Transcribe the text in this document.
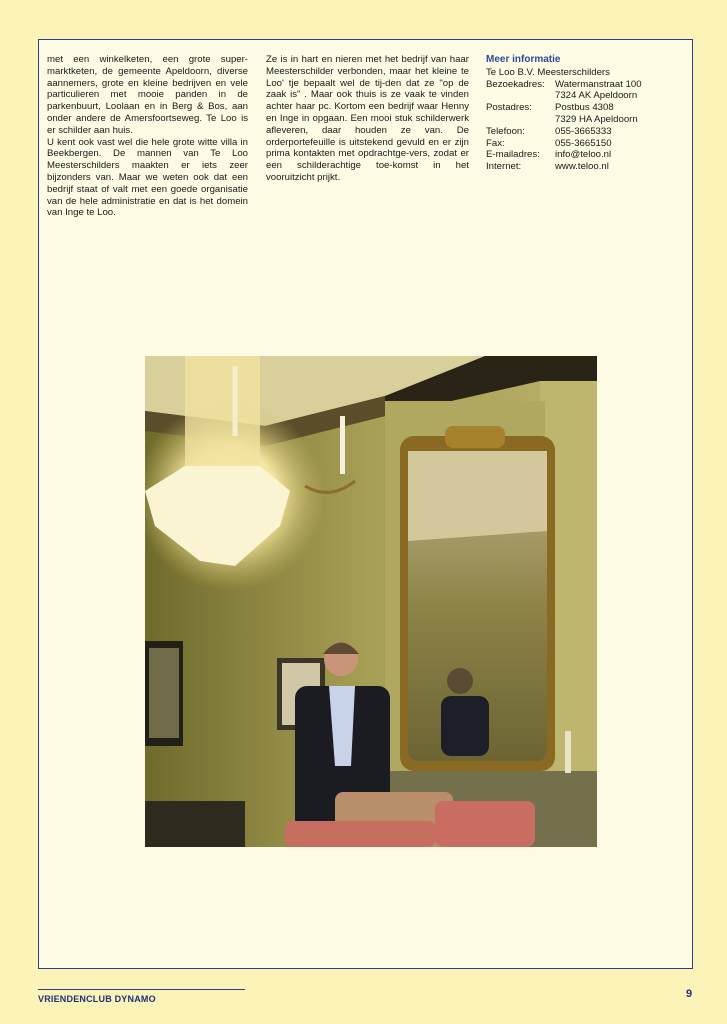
met een winkelketen, een grote super-marktketen, de gemeente Apeldoorn, diverse aannemers, grote en kleine bedrijven en vele particulieren met mooie panden in de parkenbuurt, Loolaan en in Berg & Bos, aan onder andere de Amersfoortseweg. Te Loo is er schilder aan huis.

U kent ook vast wel die hele grote witte villa in Beekbergen. De mannen van Te Loo Meesterschilders maakten er iets zeer bijzonders van. Maar we weten ook dat een bedrijf staat of valt met een goede organisatie van de hele administratie en dat is het domein van Inge te Loo.

Ze is in hart en nieren met het bedrijf van haar Meesterschilder verbonden, maar het kleine te Loo' tje bepaalt wel de tij-den dat ze "op de zaak is" . Maar ook thuis is ze vaak te vinden achter haar pc. Kortom een bedrijf waar Henny en Inge in opgaan. Een mooi stuk schilderwerk afleveren, daar houden ze van. De orderportefeuille is uitstekend gevuld en er zijn prima kontakten met opdrachtge-vers, zodat er een schilderachtige toe-komst in het vooruitzicht prijkt.

Meer informatie
Te Loo B.V. Meesterschilders
Bezoekadres:	Watermanstraat 100
7324 AK Apeldoorn
Postadres:	Postbus 4308
7329 HA Apeldoorn
Telefoon:	055-3665333
Fax:	055-3665150
E-mailadres:	info@teloo.nl
Internet:	www.teloo.nl
VRIENDENCLUB DYNAMO	9
